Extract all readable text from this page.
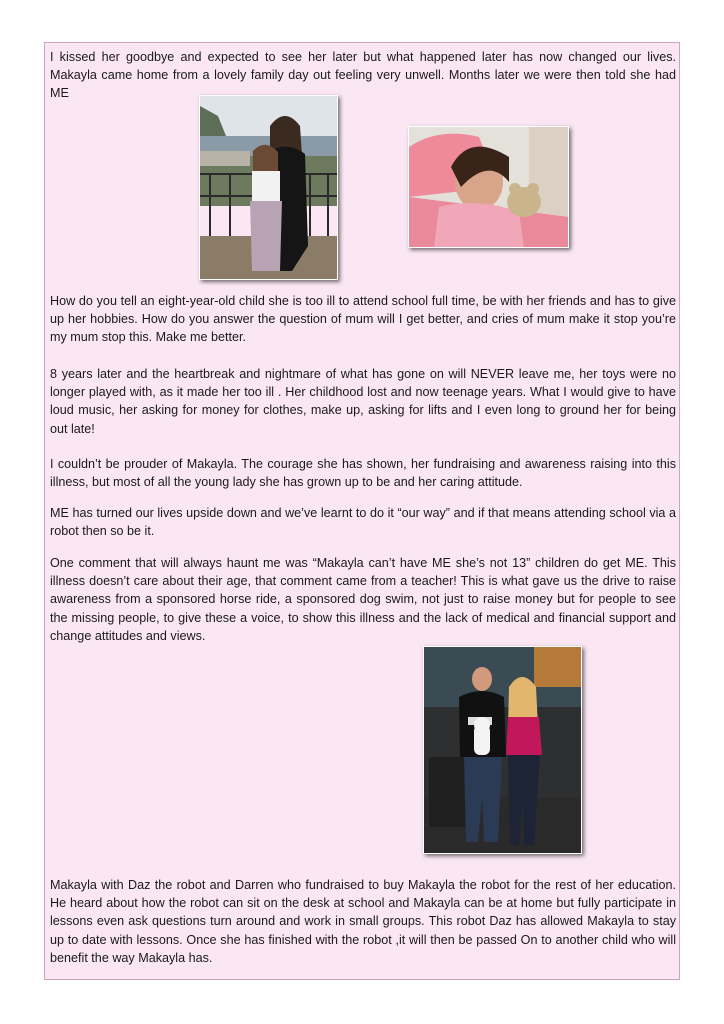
I kissed her goodbye and expected to see her later but what happened later has now changed our lives. Makayla came home from a lovely family day out feeling very unwell. Months later we were then told she had ME

How do you tell an eight-year-old child she is too ill to attend school full time, be with her friends and has to give up her hobbies. How do you answer the question of mum will I get better, and cries of mum make it stop you’re my mum stop this. Make me better.

8 years later and the heartbreak and nightmare of what has gone on will NEVER leave me, her toys were no longer played with, as it made her too ill . Her childhood lost and now teenage years. What I would give to have loud music, her asking for money for clothes, make up, asking for lifts and I even long to ground her for being out late!

I couldn’t be prouder of Makayla. The courage she has shown, her fundraising and awareness raising into this illness, but most of all the young lady she has grown up to be and her caring attitude.

ME has turned our lives upside down and we’ve learnt to do it “our way” and if that means attending school via a robot then so be it.

One comment that will always haunt me was “Makayla can’t have ME she’s not 13” children do get ME. This illness doesn’t care about their age, that comment came from a teacher! This is what gave us the drive to raise awareness from a sponsored horse ride, a sponsored dog swim, not just to raise money but for people to see the missing people, to give these a voice, to show this illness and the lack of medical and financial support and change attitudes and views.

Makayla with Daz the robot and Darren who fundraised to buy Makayla the robot for the rest of her education. He heard about how the robot can sit on the desk at school and Makayla can be at home but fully participate in lessons even ask questions turn around and work in small groups. This robot Daz has allowed Makayla to stay up to date with lessons. Once she has finished with the robot ,it will then be passed On to another child who will benefit the way Makayla has.
